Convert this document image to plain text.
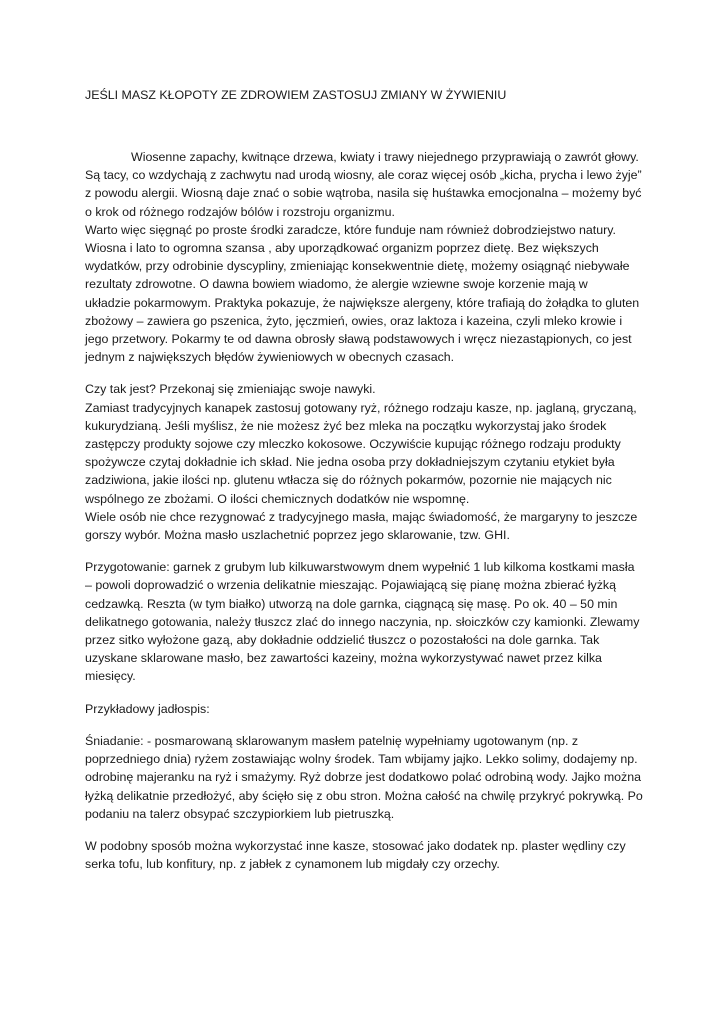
JEŚLI MASZ KŁOPOTY ZE ZDROWIEM ZASTOSUJ ZMIANY W ŻYWIENIU

Wiosenne zapachy, kwitnące drzewa, kwiaty i trawy niejednego przyprawiają o zawrót głowy.
Są tacy, co wzdychają z zachwytu nad urodą wiosny, ale coraz więcej osób „kicha, prycha i lewo żyje”
z powodu alergii. Wiosną daje znać o sobie wątroba, nasila się huśtawka emocjonalna – możemy być
o krok od różnego rodzajów bólów i rozstroju organizmu.
Warto więc sięgnąć po proste środki zaradcze, które funduje nam również dobrodziejstwo natury.
Wiosna i lato to ogromna szansa , aby uporządkować organizm poprzez dietę. Bez większych
wydatków, przy odrobinie dyscypliny, zmieniając konsekwentnie dietę, możemy osiągnąć niebywałe
rezultaty zdrowotne. O dawna bowiem wiadomo, że alergie wziewne swoje korzenie mają w
układzie pokarmowym. Praktyka pokazuje, że największe alergeny, które trafiają do żołądka to gluten
zbożowy – zawiera go pszenica, żyto, jęczmień, owies, oraz laktoza i kazeina, czyli mleko krowie i
jego przetwory. Pokarmy te od dawna obrosły sławą podstawowych i wręcz niezastąpionych, co jest
jednym z największych błędów żywieniowych w obecnych czasach.

Czy tak jest? Przekonaj się zmieniając swoje nawyki.
Zamiast tradycyjnych kanapek zastosuj gotowany ryż, różnego rodzaju kasze, np. jaglaną, gryczaną,
kukurydzianą. Jeśli myślisz, że nie możesz żyć bez mleka na początku wykorzystaj jako środek
zastępczy produkty sojowe czy mleczko kokosowe. Oczywiście kupując różnego rodzaju produkty
spożywcze czytaj dokładnie ich skład. Nie jedna osoba przy dokładniejszym czytaniu etykiet była
zadziwiona, jakie ilości np. glutenu wtłacza się do różnych pokarmów, pozornie nie mających nic
wspólnego ze zbożami. O ilości chemicznych dodatków nie wspomnę.
Wiele osób nie chce rezygnować z tradycyjnego masła, mając świadomość, że margaryny to jeszcze
gorszy wybór. Można masło uszlachetnić poprzez jego sklarowanie, tzw. GHI.

Przygotowanie: garnek z grubym lub kilkuwarstwowym dnem wypełnić 1 lub kilkoma kostkami masła
– powoli doprowadzić o wrzenia delikatnie mieszając. Pojawiającą się pianę można zbierać łyżką
cedzawką. Reszta (w tym białko) utworzą na dole garnka, ciągnącą się masę. Po ok. 40 – 50 min
delikatnego gotowania, należy tłuszcz zlać do innego naczynia, np. słoiczków czy kamionki. Zlewamy
przez sitko wyłożone gazą, aby dokładnie oddzielić tłuszcz o pozostałości na dole garnka. Tak
uzyskane sklarowane masło, bez zawartości kazeiny, można wykorzystywać nawet przez kilka
miesięcy.

Przykładowy jadłospis:

Śniadanie: - posmarowaną sklarowanym masłem patelnię wypełniamy ugotowanym (np. z
poprzedniego dnia) ryżem zostawiając wolny środek. Tam wbijamy jajko. Lekko solimy, dodajemy np.
odrobinę majeranku na ryż i smażymy. Ryż dobrze jest dodatkowo polać odrobiną wody. Jajko można
łyżką delikatnie przedłożyć, aby ścięło się z obu stron. Można całość na chwilę przykryć pokrywką. Po
podaniu na talerz obsypać szczypiorkiem lub pietruszką.

W podobny sposób można wykorzystać inne kasze, stosować jako dodatek np. plaster wędliny czy
serka tofu, lub konfitury, np. z jabłek z cynamonem lub migdały czy orzechy.
